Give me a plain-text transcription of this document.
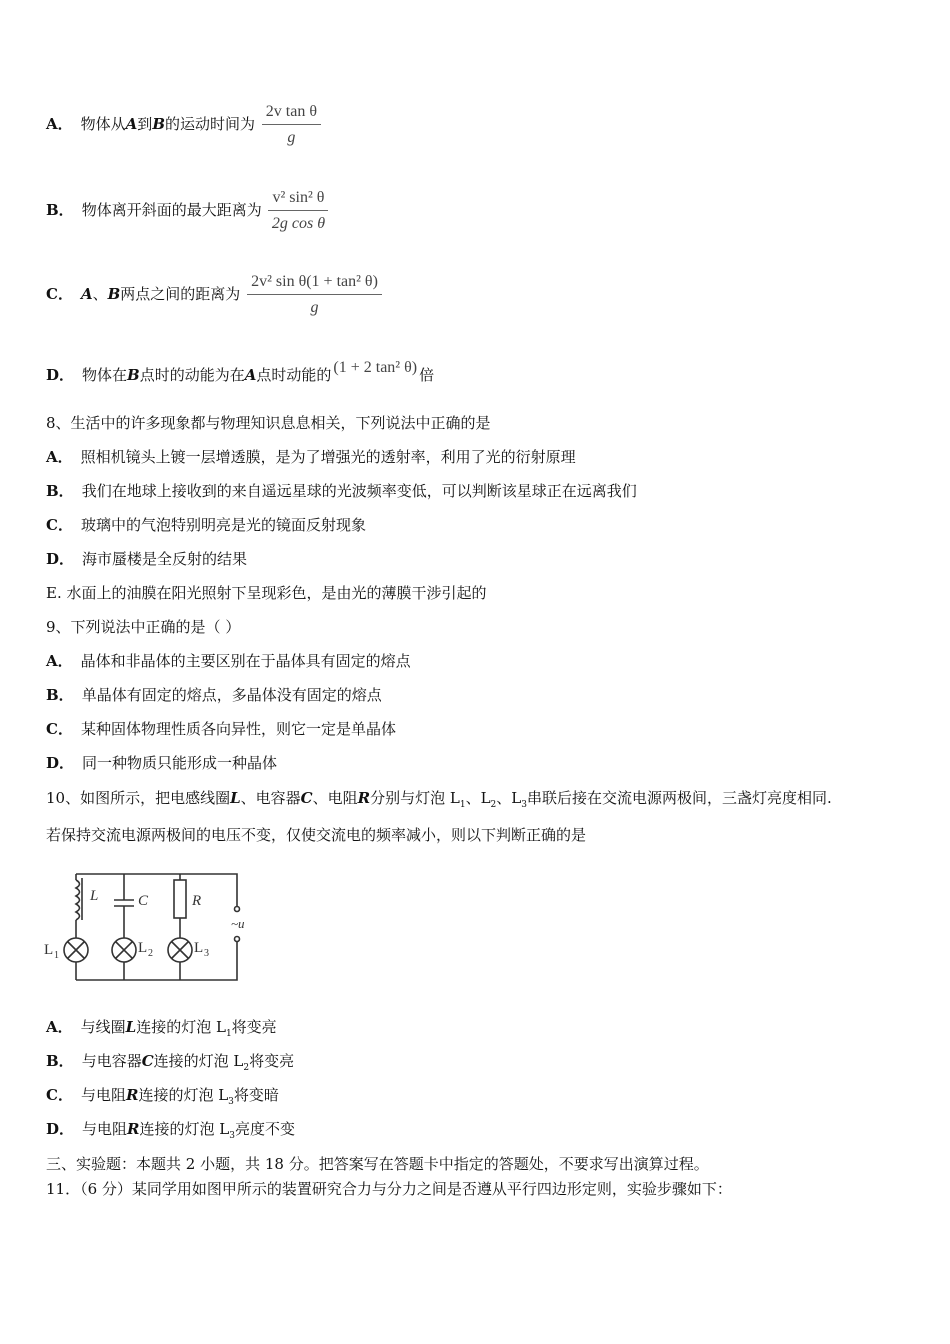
A． 物体从A到B的运动时间为 $\frac{\text{2v tan θ}}{g}$
B． 物体离开斜面的最大距离为 $\frac{\text{v² sin² θ}}{\text{2g cos θ}}$
C． A、B两点之间的距离为 $\frac{\text{2v² sin θ(1 + tan² θ)}}{g}$
D． 物体在B点时的动能为在A点时动能的 (1 + 2 tan² θ) 倍
8、生活中的许多现象都与物理知识息息相关，下列说法中正确的是
A． 照相机镜头上镀一层增透膜，是为了增强光的透射率，利用了光的衍射原理
B． 我们在地球上接收到的来自遥远星球的光波频率变低，可以判断该星球正在远离我们
C． 玻璃中的气泡特别明亮是光的镜面反射现象
D． 海市蜃楼是全反射的结果
E. 水面上的油膜在阳光照射下呈现彩色，是由光的薄膜干涉引起的
9、下列说法中正确的是（ ）
A． 晶体和非晶体的主要区别在于晶体具有固定的熔点
B． 单晶体有固定的熔点，多晶体没有固定的熔点
C． 某种固体物理性质各向异性，则它一定是单晶体
D． 同一种物质只能形成一种晶体
10、如图所示，把电感线圈L、电容器C、电阻R分别与灯泡 $L_1$、$L_2$、$L_3$串联后接在交流电源两极间，三盏灯亮度相同.
若保持交流电源两极间的电压不变，仅使交流电的频率减小，则以下判断正确的是
L	C	R
~u
L 1	L 2	L 3
A． 与线圈L连接的灯泡 $L_1$将变亮
B． 与电容器C连接的灯泡 $L_2$将变亮
C． 与电阻R连接的灯泡 $L_3$将变暗
D． 与电阻R连接的灯泡 $L_3$亮度不变
三、实验题：本题共 2 小题，共 18 分。把答案写在答题卡中指定的答题处，不要求写出演算过程。
11．（6 分）某同学用如图甲所示的装置研究合力与分力之间是否遵从平行四边形定则，实验步骤如下：
